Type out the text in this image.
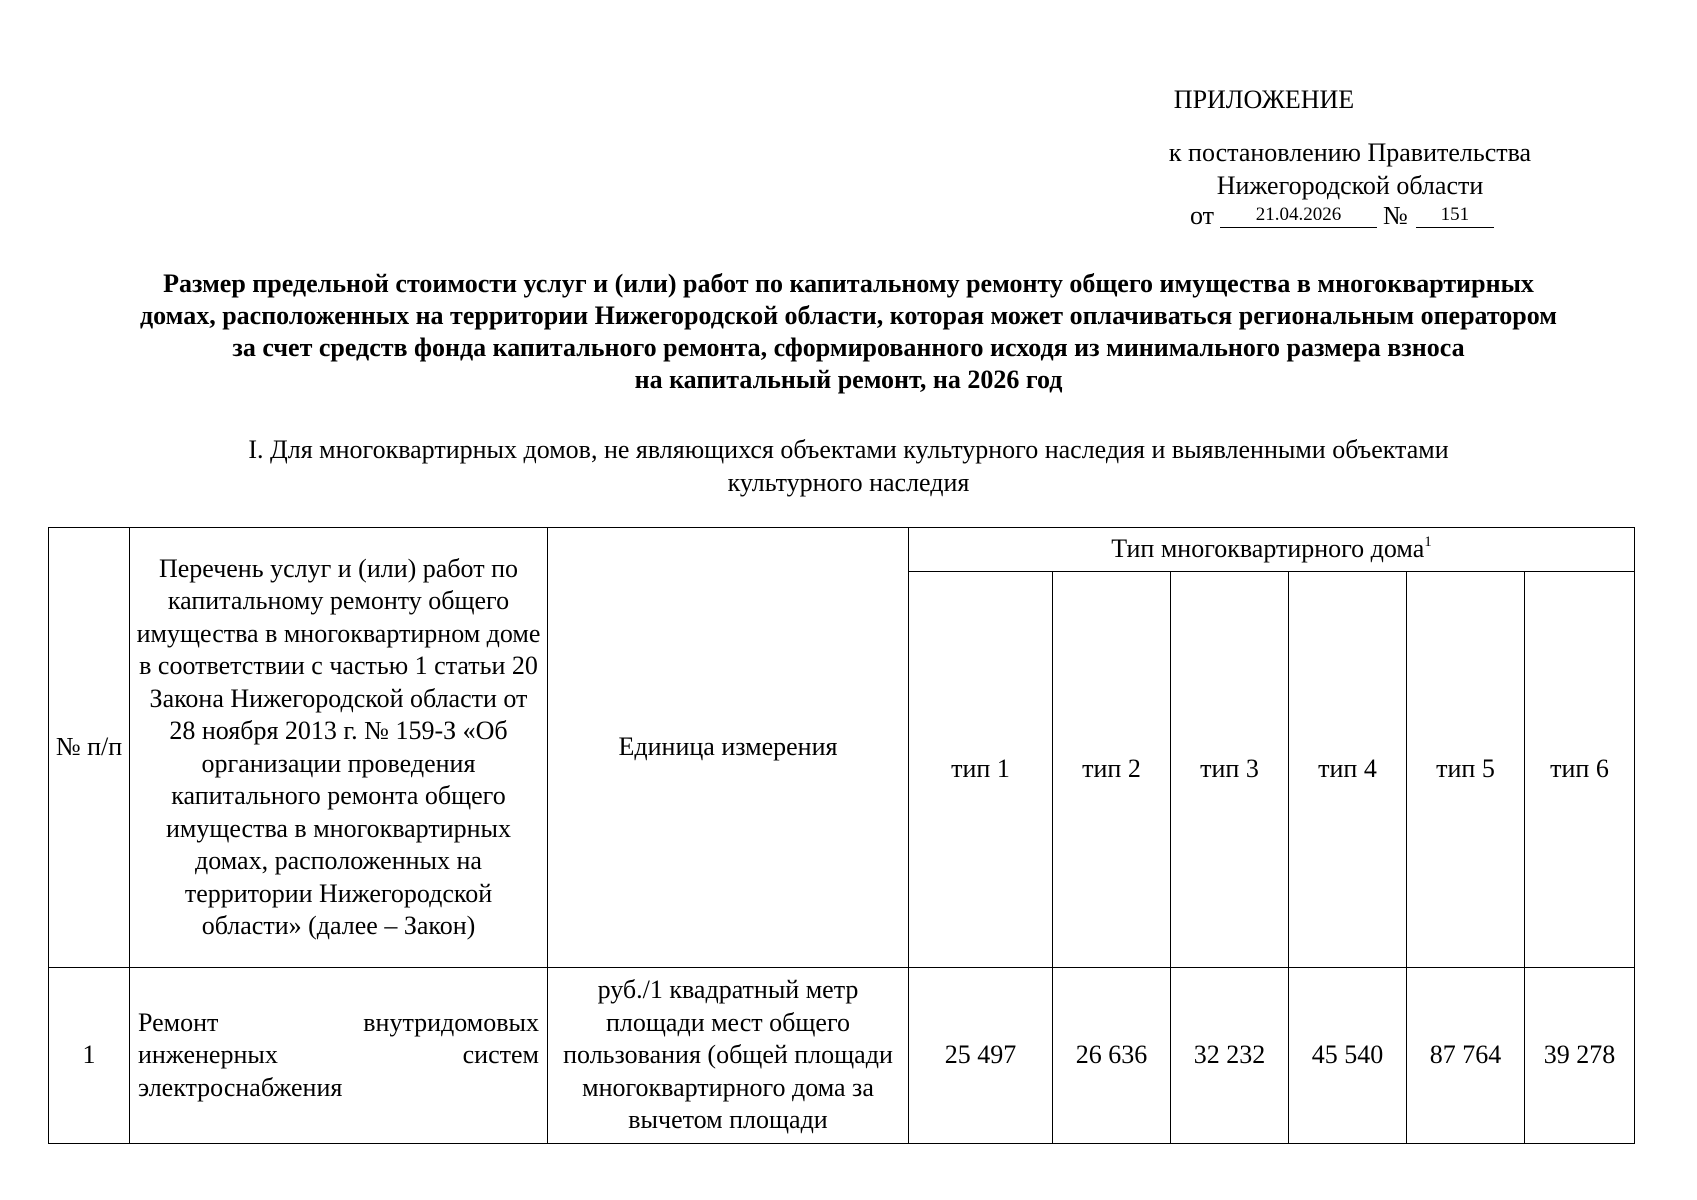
ПРИЛОЖЕНИЕ
к постановлению Правительства
Нижегородской области
от 21.04.2026 № 151
Размер предельной стоимости услуг и (или) работ по капитальному ремонту общего имущества в многоквартирных
домах, расположенных на территории Нижегородской области, которая может оплачиваться региональным оператором
за счет средств фонда капитального ремонта, сформированного исходя из минимального размера взноса
на капитальный ремонт, на 2026 год
I. Для многоквартирных домов, не являющихся объектами культурного наследия и выявленными объектами
культурного наследия
№ п/п	Перечень услуг и (или) работ по капитальному ремонту общего имущества в многоквартирном доме в соответствии с частью 1 статьи 20 Закона Нижегородской области от 28 ноября 2013 г. № 159-З «Об организации проведения капитального ремонта общего имущества в многоквартирных домах, расположенных на территории Нижегородской области» (далее – Закон)	Единица измерения	Тип многоквартирного дома$^1$
			тип 1	тип 2	тип 3	тип 4	тип 5	тип 6
1	Ремонт внутридомовых инженерных систем электроснабжения	руб./1 квадратный метр площади мест общего пользования (общей площади многоквартирного дома за вычетом площади	25 497	26 636	32 232	45 540	87 764	39 278
